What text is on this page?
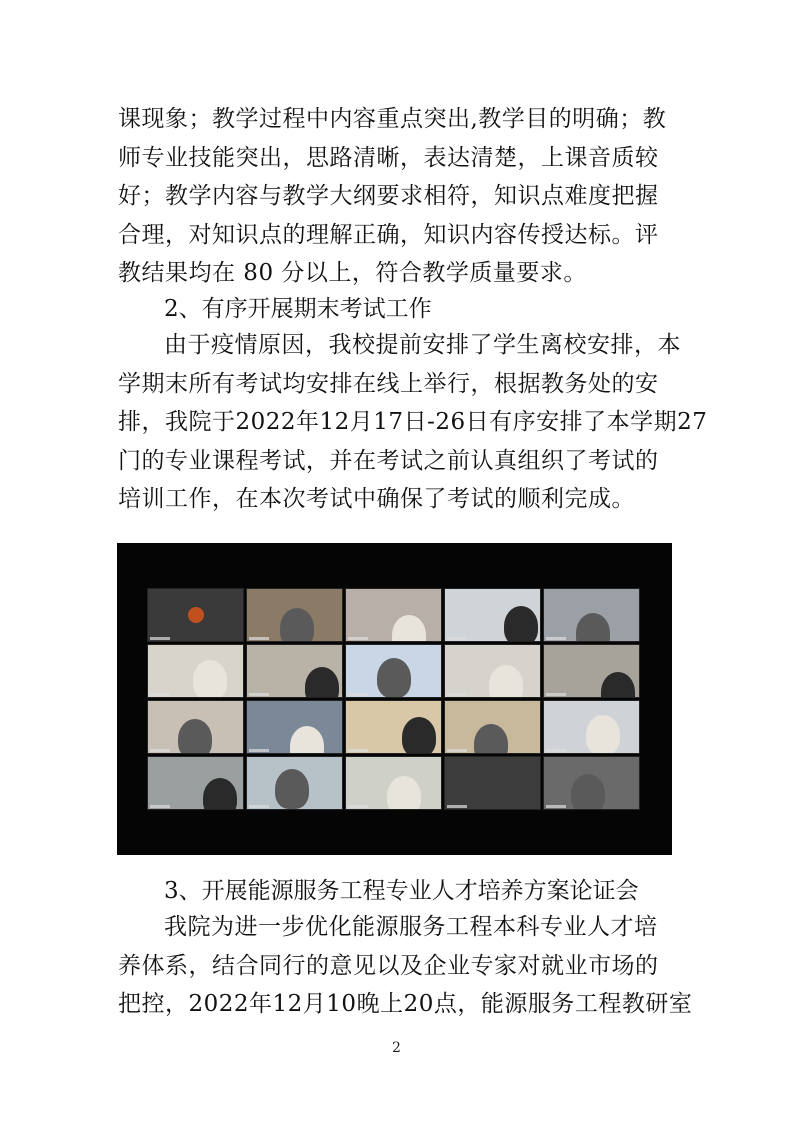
课现象；教学过程中内容重点突出,教学目的明确；教
师专业技能突出，思路清晰，表达清楚，上课音质较
好；教学内容与教学大纲要求相符，知识点难度把握
合理，对知识点的理解正确，知识内容传授达标。评
教结果均在 80 分以上，符合教学质量要求。

2、有序开展期末考试工作

由于疫情原因，我校提前安排了学生离校安排，本
学期末所有考试均安排在线上举行，根据教务处的安
排，我院于2022年12月17日-26日有序安排了本学期27
门的专业课程考试，并在考试之前认真组织了考试的
培训工作，在本次考试中确保了考试的顺利完成。

3、开展能源服务工程专业人才培养方案论证会

我院为进一步优化能源服务工程本科专业人才培
养体系，结合同行的意见以及企业专家对就业市场的
把控，2022年12月10晚上20点，能源服务工程教研室
2
